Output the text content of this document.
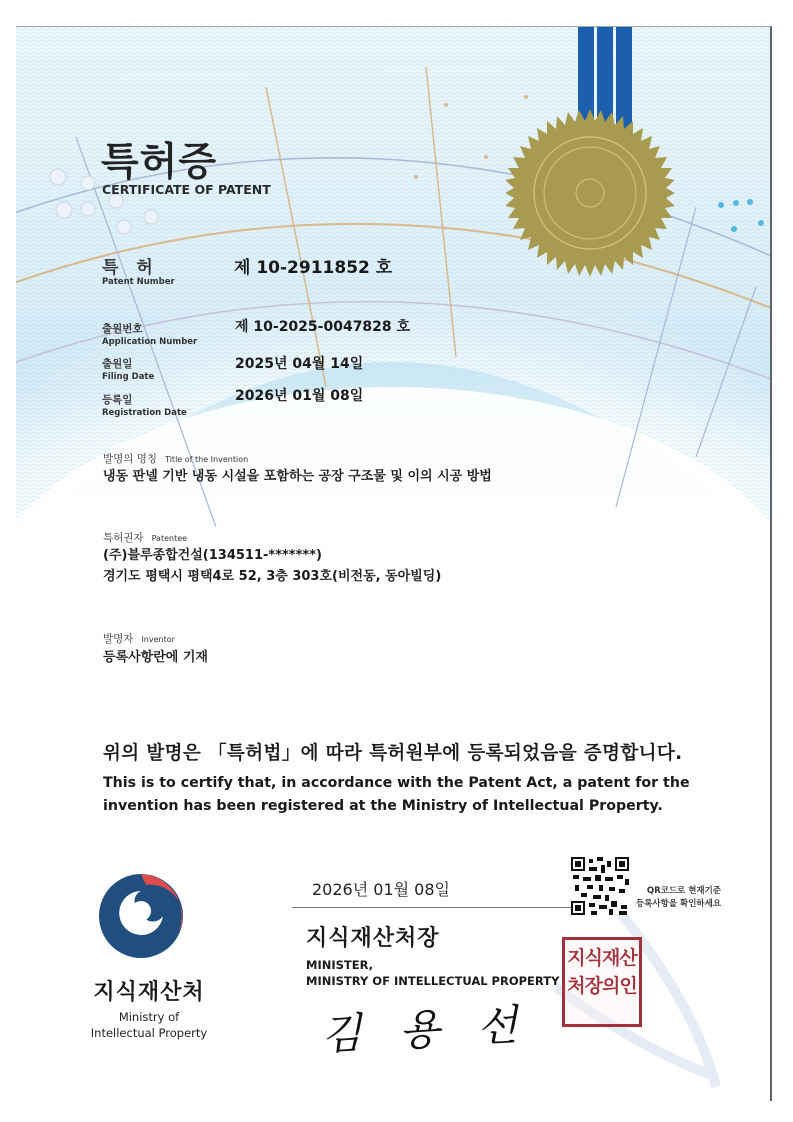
특허증
CERTIFICATE OF PATENT
특 허
Patent Number
제 10-2911852 호
출원번호
Application Number
제 10-2025-0047828 호
출원일
Filing Date
2025년 04월 14일
등록일
Registration Date
2026년 01월 08일
발명의 명칭 Title of the Invention
냉동 판넬 기반 냉동 시설을 포함하는 공장 구조물 및 이의 시공 방법
특허권자 Patentee
(주)블루종합건설(134511-*******)
경기도 평택시 평택4로 52, 3층 303호(비전동, 동아빌딩)
발명자 Inventor
등록사항란에 기재
위의 발명은 「특허법」에 따라 특허원부에 등록되었음을 증명합니다.
This is to certify that, in accordance with the Patent Act, a patent for the
invention has been registered at the Ministry of Intellectual Property.
지식재산처
Ministry of
Intellectual Property
2026년 01월 08일
지식재산처장
MINISTER,
MINISTRY OF INTELLECTUAL PROPERTY
김 용 선
QR코드로 현재기준
등록사항을 확인하세요
지식재산
처장의인
